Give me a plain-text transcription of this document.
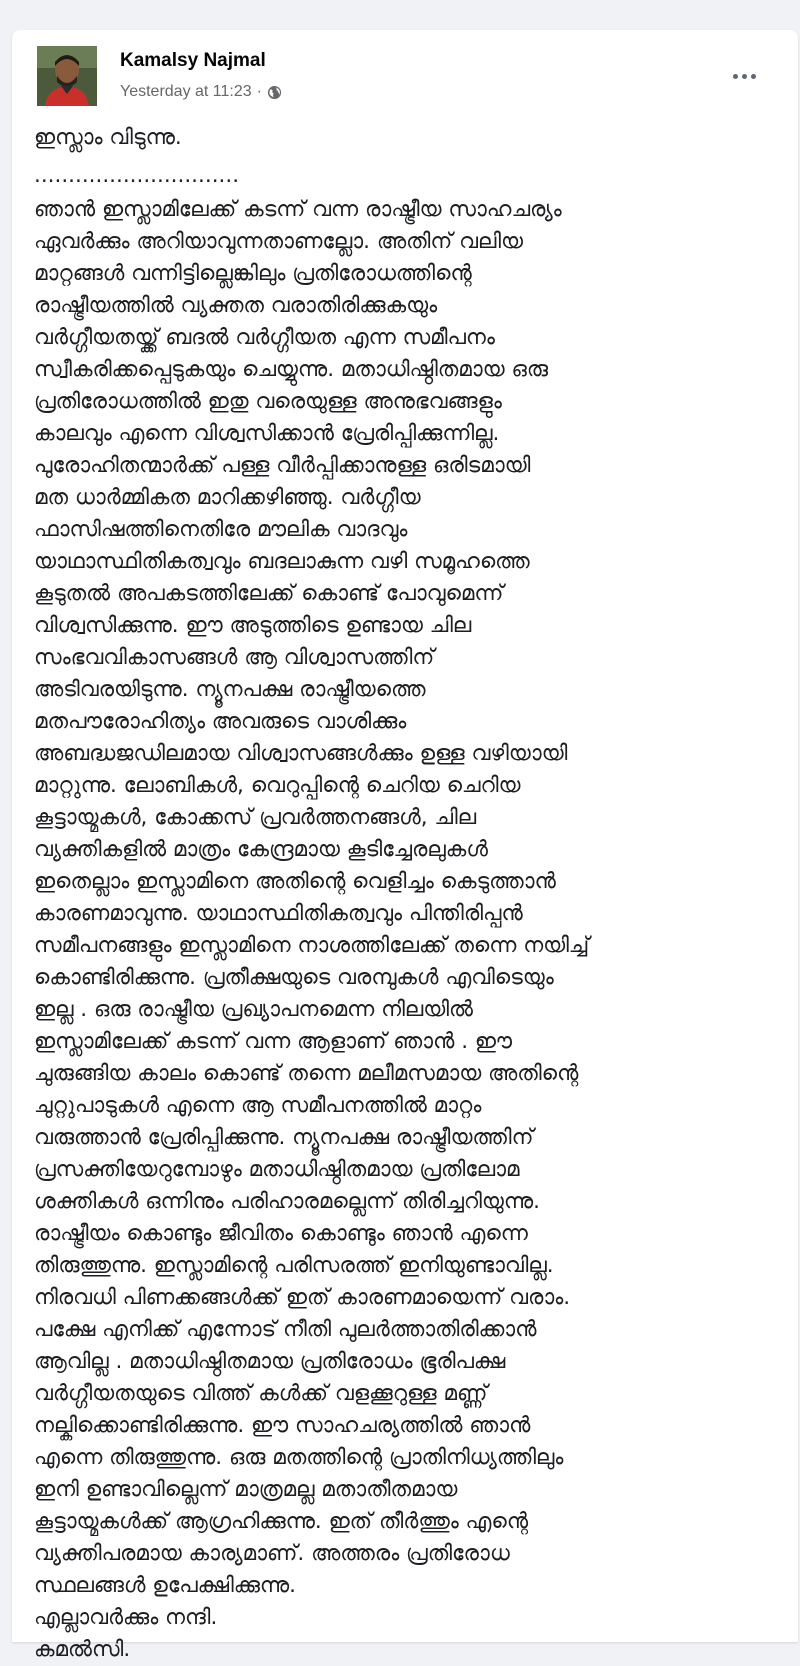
Kamalsy Najmal
Yesterday at 11:23 ·
ഇസ്ലാം വിടുന്നു.
..............................
ഞാൻ ഇസ്ലാമിലേക്ക് കടന്ന് വന്ന രാഷ്ട്രീയ സാഹചര്യം
ഏവർക്കും അറിയാവുന്നതാണല്ലോ. അതിന് വലിയ
മാറ്റങ്ങൾ വന്നിട്ടില്ലെങ്കിലും പ്രതിരോധത്തിന്റെ
രാഷ്ട്രീയത്തിൽ വ്യക്തത വരാതിരിക്കുകയും
വർഗ്ഗീയതയ്ക്ക് ബദൽ വർഗ്ഗീയത എന്ന സമീപനം
സ്വീകരിക്കപ്പെടുകയും ചെയ്യുന്നു. മതാധിഷ്ഠിതമായ ഒരു
പ്രതിരോധത്തിൽ ഇതു വരെയുള്ള അനുഭവങ്ങളും
കാലവും എന്നെ വിശ്വസിക്കാൻ പ്രേരിപ്പിക്കുന്നില്ല.
പുരോഹിതന്മാർക്ക് പള്ള വീർപ്പിക്കാനുള്ള ഒരിടമായി
മത ധാർമ്മികത മാറിക്കഴിഞ്ഞു. വർഗ്ഗീയ
ഫാസിഷത്തിനെതിരേ മൗലിക വാദവും
യാഥാസ്ഥിതികത്വവും ബദലാകുന്ന വഴി സമൂഹത്തെ
കൂടുതൽ അപകടത്തിലേക്ക് കൊണ്ട് പോവുമെന്ന്
വിശ്വസിക്കുന്നു. ഈ അടുത്തിടെ ഉണ്ടായ ചില
സംഭവവികാസങ്ങൾ ആ വിശ്വാസത്തിന്
അടിവരയിടുന്നു. ന്യൂനപക്ഷ രാഷ്ട്രീയത്തെ
മതപൗരോഹിത്യം അവരുടെ വാശിക്കും
അബദ്ധജഡിലമായ വിശ്വാസങ്ങൾക്കും ഉള്ള വഴിയായി
മാറ്റുന്നു. ലോബികൾ, വെറുപ്പിന്റെ ചെറിയ ചെറിയ
കൂട്ടായ്മകൾ, കോക്കസ് പ്രവർത്തനങ്ങൾ, ചില
വ്യക്തികളിൽ മാത്രം കേന്ദ്രമായ കൂടിച്ചേരലുകൾ
ഇതെല്ലാം ഇസ്ലാമിനെ അതിന്റെ വെളിച്ചം കെടുത്താൻ
കാരണമാവുന്നു. യാഥാസ്ഥിതികത്വവും പിന്തിരിപ്പൻ
സമീപനങ്ങളും ഇസ്ലാമിനെ നാശത്തിലേക്ക് തന്നെ നയിച്ച്
കൊണ്ടിരിക്കുന്നു. പ്രതീക്ഷയുടെ വരമ്പുകൾ എവിടെയും
ഇല്ല . ഒരു രാഷ്ട്രീയ പ്രഖ്യാപനമെന്ന നിലയിൽ
ഇസ്ലാമിലേക്ക് കടന്ന് വന്ന ആളാണ് ഞാൻ . ഈ
ചുരുങ്ങിയ കാലം കൊണ്ട് തന്നെ മലീമസമായ അതിന്റെ
ചുറ്റുപാടുകൾ എന്നെ ആ സമീപനത്തിൽ മാറ്റം
വരുത്താൻ പ്രേരിപ്പിക്കുന്നു. ന്യൂനപക്ഷ രാഷ്ട്രീയത്തിന്
പ്രസക്തിയേറുമ്പോഴും മതാധിഷ്ഠിതമായ പ്രതിലോമ
ശക്തികൾ ഒന്നിനും പരിഹാരമല്ലെന്ന് തിരിച്ചറിയുന്നു.
രാഷ്ട്രീയം കൊണ്ടും ജീവിതം കൊണ്ടും ഞാൻ എന്നെ
തിരുത്തുന്നു. ഇസ്ലാമിന്റെ പരിസരത്ത് ഇനിയുണ്ടാവില്ല.
നിരവധി പിണക്കങ്ങൾക്ക് ഇത് കാരണമായെന്ന് വരാം.
പക്ഷേ എനിക്ക് എന്നോട് നീതി പുലർത്താതിരിക്കാൻ
ആവില്ല . മതാധിഷ്ഠിതമായ പ്രതിരോധം ഭൂരിപക്ഷ
വർഗ്ഗീയതയുടെ വിത്ത് കൾക്ക് വളക്കൂറുള്ള മണ്ണ്
നല്കിക്കൊണ്ടിരിക്കുന്നു. ഈ സാഹചര്യത്തിൽ ഞാൻ
എന്നെ തിരുത്തുന്നു. ഒരു മതത്തിന്റെ പ്രാതിനിധ്യത്തിലും
ഇനി ഉണ്ടാവില്ലെന്ന് മാത്രമല്ല മതാതീതമായ
കൂട്ടായ്മകൾക്ക് ആഗ്രഹിക്കുന്നു. ഇത് തീർത്തും എന്റെ
വ്യക്തിപരമായ കാര്യമാണ്. അത്തരം പ്രതിരോധ
സ്ഥലങ്ങൾ ഉപേക്ഷിക്കുന്നു.
എല്ലാവർക്കും നന്ദി.
കമൽസി.
